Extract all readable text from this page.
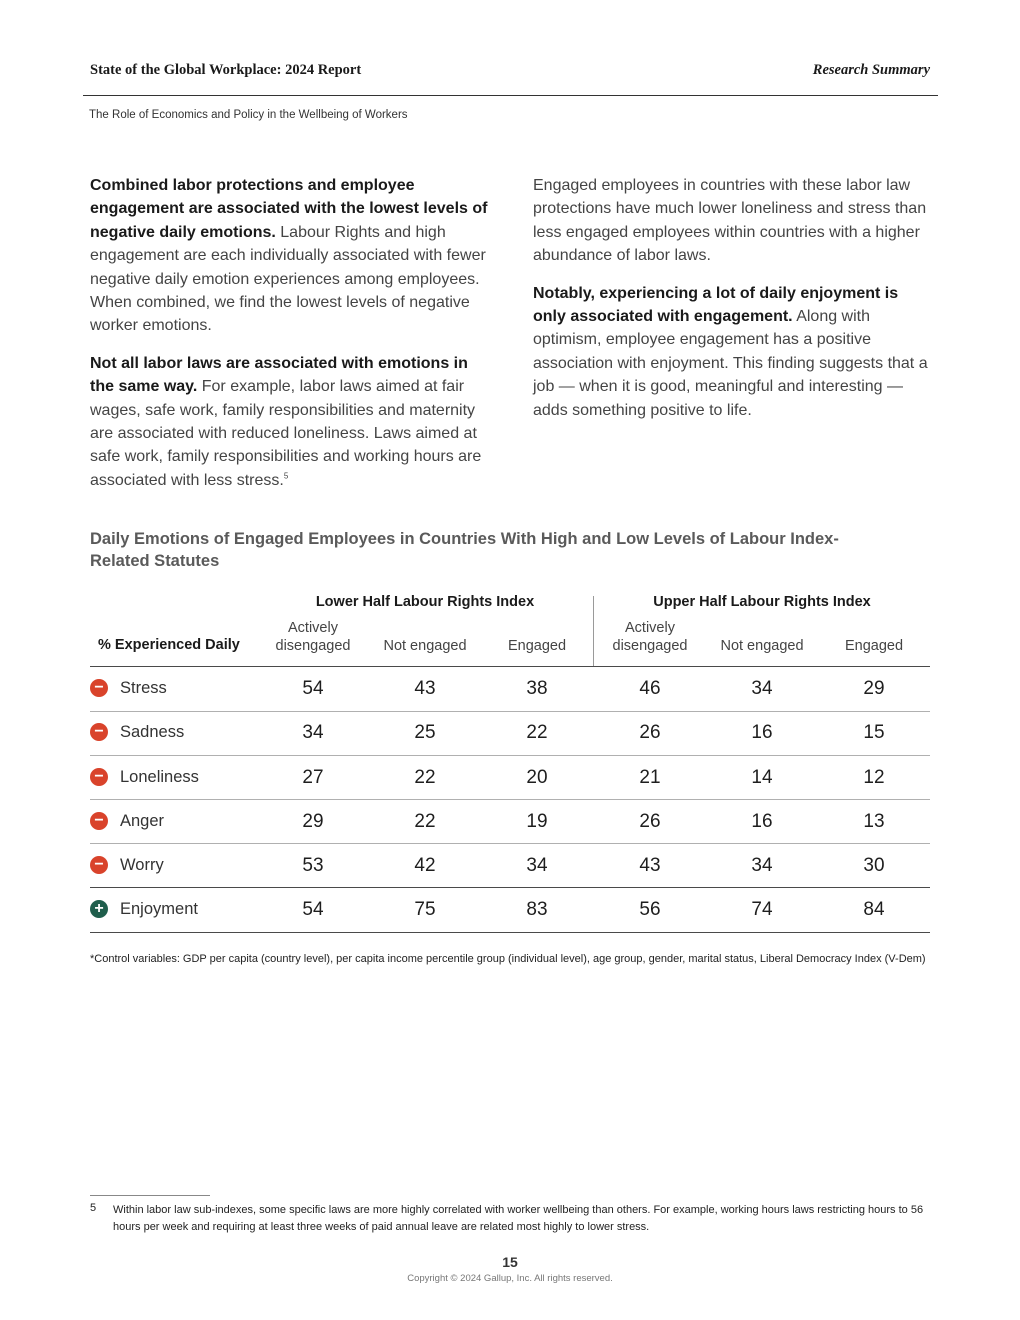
State of the Global Workplace: 2024 Report	Research Summary
The Role of Economics and Policy in the Wellbeing of Workers

Combined labor protections and employee engagement are associated with the lowest levels of negative daily emotions. Labour Rights and high engagement are each individually associated with fewer negative daily emotion experiences among employees. When combined, we find the lowest levels of negative worker emotions.

Not all labor laws are associated with emotions in the same way. For example, labor laws aimed at fair wages, safe work, family responsibilities and maternity are associated with reduced loneliness. Laws aimed at safe work, family responsibilities and working hours are associated with less stress.$^5$

Engaged employees in countries with these labor law protections have much lower loneliness and stress than less engaged employees within countries with a higher abundance of labor laws.

Notably, experiencing a lot of daily enjoyment is only associated with engagement. Along with optimism, employee engagement has a positive association with enjoyment. This finding suggests that a job — when it is good, meaningful and interesting — adds something positive to life.

Daily Emotions of Engaged Employees in Countries With High and Low Levels of Labour Index-Related Statutes
Lower Half Labour Rights Index	Upper Half Labour Rights Index
% Experienced Daily
Actively
disengaged	Not engaged	Engaged
Actively
disengaged	Not engaged	Engaged
− Stress	54	43	38	46	34	29
− Sadness	34	25	22	26	16	15
− Loneliness	27	22	20	21	14	12
− Anger	29	22	19	26	16	13
− Worry	53	42	34	43	34	30
+ Enjoyment	54	75	83	56	74	84
*Control variables: GDP per capita (country level), per capita income percentile group (individual level), age group, gender, marital status, Liberal Democracy Index (V-Dem)
5 Within labor law sub-indexes, some specific laws are more highly correlated with worker wellbeing than others. For example, working hours laws restricting hours to 56 hours per week and requiring at least three weeks of paid annual leave are related most highly to lower stress.
15
Copyright © 2024 Gallup, Inc. All rights reserved.
